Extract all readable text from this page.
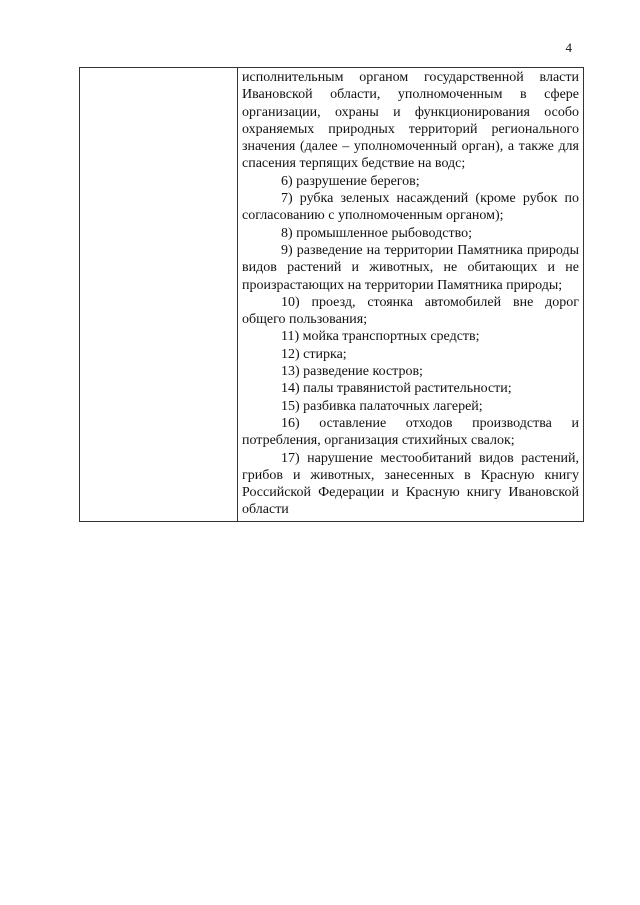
4

исполнительным органом государственной власти Ивановской области, уполномоченным в сфере организации, охраны и функционирования особо охраняемых природных территорий регионального значения (далее – уполномоченный орган), а также для спасения терпящих бедствие на водс;

6) разрушение берегов;

7) рубка зеленых насаждений (кроме рубок по согласованию с уполномоченным органом);

8) промышленное рыбоводство;

9) разведение на территории Памятника природы видов растений и животных, не обитающих и не произрастающих на территории Памятника природы;

10) проезд, стоянка автомобилей вне дорог общего пользования;

11) мойка транспортных средств;

12) стирка;

13) разведение костров;

14) палы травянистой растительности;

15) разбивка палаточных лагерей;

16) оставление отходов производства и потребления, организация стихийных свалок;

17) нарушение местообитаний видов растений, грибов и животных, занесенных в Красную книгу Российской Федерации и Красную книгу Ивановской области
